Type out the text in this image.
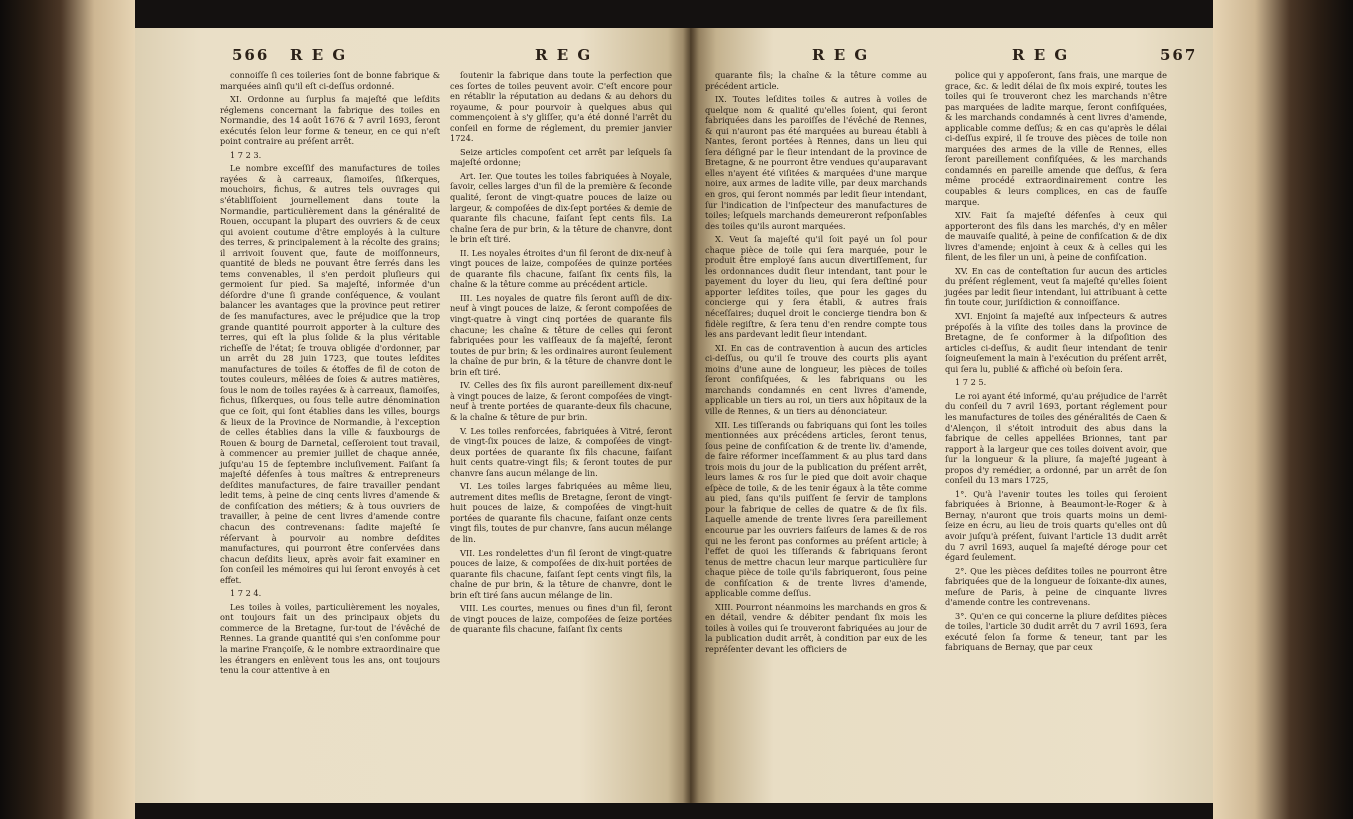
566 R E G	R E G	R E G	R E G	567

connoiſſe ſi ces toileries ſont de bonne fabrique & marquées ainſi qu'il eſt ci-deſſus ordonné.

XI. Ordonne au ſurplus ſa majeſté que leſdits réglemens concernant la fabrique des toiles en Normandie, des 14 août 1676 & 7 avril 1693, ſeront exécutés ſelon leur forme & teneur, en ce qui n'eſt point contraire au préſent arrêt.

1 7 2 3.

Le nombre exceſſif des manufactures de toiles rayées & à carreaux, ſiamoiſes, ſiſkerques, mouchoirs, fichus, & autres tels ouvrages qui s'établiſſoient journellement dans toute la Normandie, particulièrement dans la généralité de Rouen, occupant la plupart des ouvriers & de ceux qui avoient coutume d'être employés à la culture des terres, & principalement à la récolte des grains; il arrivoit ſouvent que, faute de moiſſonneurs, quantité de bleds ne pouvant être ſerrés dans les tems convenables, il s'en perdoit pluſieurs qui germoient ſur pied. Sa majeſté, informée d'un déſordre d'une ſi grande conſéquence, & voulant balancer les avantages que la province peut retirer de ſes manufactures, avec le préjudice que la trop grande quantité pourroit apporter à la culture des terres, qui eſt la plus ſolide & la plus véritable richeſſe de l'état; ſe trouva obligée d'ordonner, par un arrêt du 28 juin 1723, que toutes leſdites manufactures de toiles & étoffes de fil de coton de toutes couleurs, mêlées de ſoies & autres matières, ſous le nom de toiles rayées & à carreaux, ſiamoiſes, fichus, ſiſkerques, ou ſous telle autre dénomination que ce ſoit, qui ſont établies dans les villes, bourgs & lieux de la Province de Normandie, à l'exception de celles établies dans la ville & fauxbourgs de Rouen & bourg de Darnetal, ceſſeroient tout travail, à commencer au premier juillet de chaque année, juſqu'au 15 de ſeptembre incluſivement. Faiſant ſa majeſté défenſes à tous maîtres & entrepreneurs deſdites manufactures, de faire travailler pendant ledit tems, à peine de cinq cents livres d'amende & de confiſcation des métiers; & à tous ouvriers de travailler, à peine de cent livres d'amende contre chacun des contrevenans: ſadite majeſté ſe réſervant à pourvoir au nombre deſdites manufactures, qui pourront être conſervées dans chacun deſdits lieux, après avoir fait examiner en ſon conſeil les mémoires qui lui ſeront envoyés à cet effet.

1 7 2 4.

Les toiles à voiles, particulièrement les noyales, ont toujours fait un des principaux objets du commerce de la Bretagne, ſur-tout de l'évêché de Rennes. La grande quantité qui s'en conſomme pour la marine Françoiſe, & le nombre extraordinaire que les étrangers en enlèvent tous les ans, ont toujours tenu la cour attentive à en

ſoutenir la fabrique dans toute la perfection que ces ſortes de toiles peuvent avoir. C'eſt encore pour en rétablir la réputation au dedans & au dehors du royaume, & pour pourvoir à quelques abus qui commençoient à s'y gliſſer, qu'a été donné l'arrêt du conſeil en forme de réglement, du premier janvier 1724.

Seize articles compoſent cet arrêt par leſquels ſa majeſté ordonne;

Art. Ier. Que toutes les toiles fabriquées à Noyale, ſavoir, celles larges d'un fil de la première & ſeconde qualité, ſeront de vingt-quatre pouces de laize ou largeur, & compoſées de dix-ſept portées & demie de quarante fils chacune, faiſant ſept cents fils. La chaîne ſera de pur brin, & la têture de chanvre, dont le brin eſt tiré.

II. Les noyales étroites d'un fil ſeront de dix-neuf à vingt pouces de laize, compoſées de quinze portées de quarante fils chacune, faiſant ſix cents fils, la chaîne & la têture comme au précédent article.

III. Les noyales de quatre fils ſeront auſſi de dix-neuf à vingt pouces de laize, & ſeront compoſées de vingt-quatre à vingt cinq portées de quarante fils chacune; les chaîne & têture de celles qui ſeront fabriquées pour les vaiſſeaux de ſa majeſté, ſeront toutes de pur brin; & les ordinaires auront ſeulement la chaîne de pur brin, & la têture de chanvre dont le brin eſt tiré.

IV. Celles des ſix fils auront pareillement dix-neuf à vingt pouces de laize, & ſeront compoſées de vingt-neuf à trente portées de quarante-deux fils chacune, & la chaîne & têture de pur brin.

V. Les toiles renforcées, fabriquées à Vitré, ſeront de vingt-ſix pouces de laize, & compoſées de vingt-deux portées de quarante ſix fils chacune, faiſant huit cents quatre-vingt fils; & ſeront toutes de pur chanvre ſans aucun mélange de lin.

VI. Les toiles larges fabriquées au même lieu, autrement dites meſlis de Bretagne, ſeront de vingt-huit pouces de laize, & compoſées de vingt-huit portées de quarante fils chacune, faiſant onze cents vingt fils, toutes de pur chanvre, ſans aucun mélange de lin.

VII. Les rondelettes d'un fil ſeront de vingt-quatre pouces de laize, & compoſées de dix-huit portées de quarante fils chacune, faiſant ſept cents vingt fils, la chaîne de pur brin, & la têture de chanvre, dont le brin eſt tiré ſans aucun mélange de lin.

VIII. Les courtes, menues ou fines d'un fil, ſeront de vingt pouces de laize, compoſées de ſeize portées de quarante fils chacune, faiſant ſix cents

quarante fils; la chaîne & la têture comme au précédent article.

IX. Toutes leſdites toiles & autres à voiles de quelque nom & qualité qu'elles ſoient, qui ſeront fabriquées dans les paroiſſes de l'évêché de Rennes, & qui n'auront pas été marquées au bureau établi à Nantes, ſeront portées à Rennes, dans un lieu qui ſera déſigné par le ſieur intendant de la province de Bretagne, & ne pourront être vendues qu'auparavant elles n'ayent été viſitées & marquées d'une marque noire, aux armes de ladite ville, par deux marchands en gros, qui ſeront nommés par ledit ſieur intendant, ſur l'indication de l'inſpecteur des manufactures de toiles; leſquels marchands demeureront reſponſables des toiles qu'ils auront marquées.

X. Veut ſa majeſté qu'il ſoit payé un ſol pour chaque pièce de toile qui ſera marquée, pour le produit être employé ſans aucun divertiſſement, ſur les ordonnances dudit ſieur intendant, tant pour le payement du loyer du lieu, qui ſera deſtiné pour apporter leſdites toiles, que pour les gages du concierge qui y ſera établi, & autres frais néceſſaires; duquel droit le concierge tiendra bon & fidèle regiſtre, & ſera tenu d'en rendre compte tous les ans pardevant ledit ſieur intendant.

XI. En cas de contravention à aucun des articles ci-deſſus, ou qu'il ſe trouve des courts plis ayant moins d'une aune de longueur, les pièces de toiles ſeront confiſquées, & les fabriquans ou les marchands condamnés en cent livres d'amende, applicable un tiers au roi, un tiers aux hôpitaux de la ville de Rennes, & un tiers au dénonciateur.

XII. Les tiſſerands ou fabriquans qui ſont les toiles mentionnées aux précédens articles, ſeront tenus, ſous peine de confiſcation & de trente liv. d'amende, de faire réformer inceſſamment & au plus tard dans trois mois du jour de la publication du préſent arrêt, leurs lames & ros ſur le pied que doit avoir chaque eſpèce de toile, & de les tenir égaux à la tête comme au pied, ſans qu'ils puiſſent ſe ſervir de tamplons pour la fabrique de celles de quatre & de ſix fils. Laquelle amende de trente livres ſera pareillement encourue par les ouvriers faiſeurs de lames & de ros qui ne les feront pas conformes au préſent article; à l'effet de quoi les tiſſerands & fabriquans ſeront tenus de mettre chacun leur marque particulière ſur chaque pièce de toile qu'ils fabriqueront, ſous peine de confiſcation & de trente livres d'amende, applicable comme deſſus.

XIII. Pourront néanmoins les marchands en gros & en détail, vendre & débiter pendant ſix mois les toiles à voiles qui ſe trouveront fabriquées au jour de la publication dudit arrêt, à condition par eux de les repréſenter devant les officiers de

police qui y appoſeront, ſans frais, une marque de grace, &c. & ledit délai de ſix mois expiré, toutes les toiles qui ſe trouveront chez les marchands n'être pas marquées de ladite marque, ſeront confiſquées, & les marchands condamnés à cent livres d'amende, applicable comme deſſus; & en cas qu'après le délai ci-deſſus expiré, il ſe trouve des pièces de toile non marquées des armes de la ville de Rennes, elles ſeront pareillement confiſquées, & les marchands condamnés en pareille amende que deſſus, & ſera même procédé extraordinairement contre les coupables & leurs complices, en cas de fauſſe marque.

XIV. Fait ſa majeſté défenſes à ceux qui apporteront des fils dans les marchés, d'y en mêler de mauvaiſe qualité, à peine de confiſcation & de dix livres d'amende; enjoint à ceux & à celles qui les filent, de les filer un uni, à peine de confiſcation.

XV. En cas de conteſtation ſur aucun des articles du préſent réglement, veut ſa majeſté qu'elles ſoient jugées par ledit ſieur intendant, lui attribuant à cette fin toute cour, juriſdiction & connoiſſance.

XVI. Enjoint ſa majeſté aux inſpecteurs & autres prépoſés à la viſite des toiles dans la province de Bretagne, de ſe conformer à la diſpoſition des articles ci-deſſus, & audit ſieur intendant de tenir ſoigneuſement la main à l'exécution du préſent arrêt, qui ſera lu, publié & affiché où beſoin ſera.

1 7 2 5.

Le roi ayant été informé, qu'au préjudice de l'arrêt du conſeil du 7 avril 1693, portant réglement pour les manufactures de toiles des généralités de Caen & d'Alençon, il s'étoit introduit des abus dans la fabrique de celles appellées Brionnes, tant par rapport à la largeur que ces toiles doivent avoir, que ſur la longueur & la pliure, ſa majeſté jugeant à propos d'y remédier, a ordonné, par un arrêt de ſon conſeil du 13 mars 1725,

1°. Qu'à l'avenir toutes les toiles qui ſeroient fabriquées à Brionne, à Beaumont-le-Roger & à Bernay, n'auront que trois quarts moins un demi-ſeize en écru, au lieu de trois quarts qu'elles ont dû avoir juſqu'à préſent, ſuivant l'article 13 dudit arrêt du 7 avril 1693, auquel ſa majeſté déroge pour cet égard ſeulement.

2°. Que les pièces deſdites toiles ne pourront être fabriquées que de la longueur de ſoixante-dix aunes, meſure de Paris, à peine de cinquante livres d'amende contre les contrevenans.

3°. Qu'en ce qui concerne la pliure deſdites pièces de toiles, l'article 30 dudit arrêt du 7 avril 1693, ſera exécuté ſelon ſa forme & teneur, tant par les fabriquans de Bernay, que par ceux
